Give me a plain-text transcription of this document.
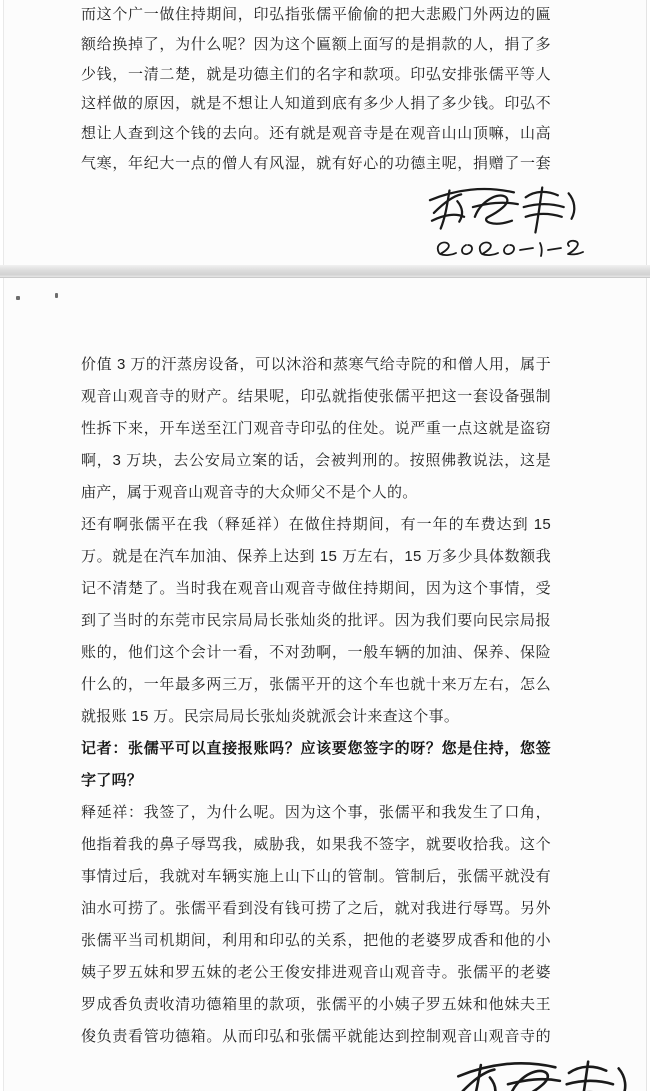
而这个广一做住持期间，印弘指张儒平偷偷的把大悲殿门外两边的匾
额给换掉了，为什么呢？因为这个匾额上面写的是捐款的人，捐了多
少钱，一清二楚，就是功德主们的名字和款项。印弘安排张儒平等人
这样做的原因，就是不想让人知道到底有多少人捐了多少钱。印弘不
想让人查到这个钱的去向。还有就是观音寺是在观音山山顶嘛，山高
气寒，年纪大一点的僧人有风湿，就有好心的功德主呢，捐赠了一套
价值 3 万的汗蒸房设备，可以沐浴和蒸寒气给寺院的和僧人用，属于
观音山观音寺的财产。结果呢，印弘就指使张儒平把这一套设备强制
性拆下来，开车送至江门观音寺印弘的住处。说严重一点这就是盗窃
啊，3 万块，去公安局立案的话，会被判刑的。按照佛教说法，这是
庙产，属于观音山观音寺的大众师父不是个人的。
还有啊张儒平在我（释延祥）在做住持期间，有一年的车费达到 15
万。就是在汽车加油、保养上达到 15 万左右，15 万多少具体数额我
记不清楚了。当时我在观音山观音寺做住持期间，因为这个事情，受
到了当时的东莞市民宗局局长张灿炎的批评。因为我们要向民宗局报
账的，他们这个会计一看，不对劲啊，一般车辆的加油、保养、保险
什么的，一年最多两三万，张儒平开的这个车也就十来万左右，怎么
就报账 15 万。民宗局局长张灿炎就派会计来查这个事。
记者：张儒平可以直接报账吗？应该要您签字的呀？您是住持，您签
字了吗？
释延祥：我签了，为什么呢。因为这个事，张儒平和我发生了口角，
他指着我的鼻子辱骂我，威胁我，如果我不签字，就要收拾我。这个
事情过后，我就对车辆实施上山下山的管制。管制后，张儒平就没有
油水可捞了。张儒平看到没有钱可捞了之后，就对我进行辱骂。另外
张儒平当司机期间，利用和印弘的关系，把他的老婆罗成香和他的小
姨子罗五妹和罗五妹的老公王俊安排进观音山观音寺。张儒平的老婆
罗成香负责收清功德箱里的款项，张儒平的小姨子罗五妹和他妹夫王
俊负责看管功德箱。从而印弘和张儒平就能达到控制观音山观音寺的
